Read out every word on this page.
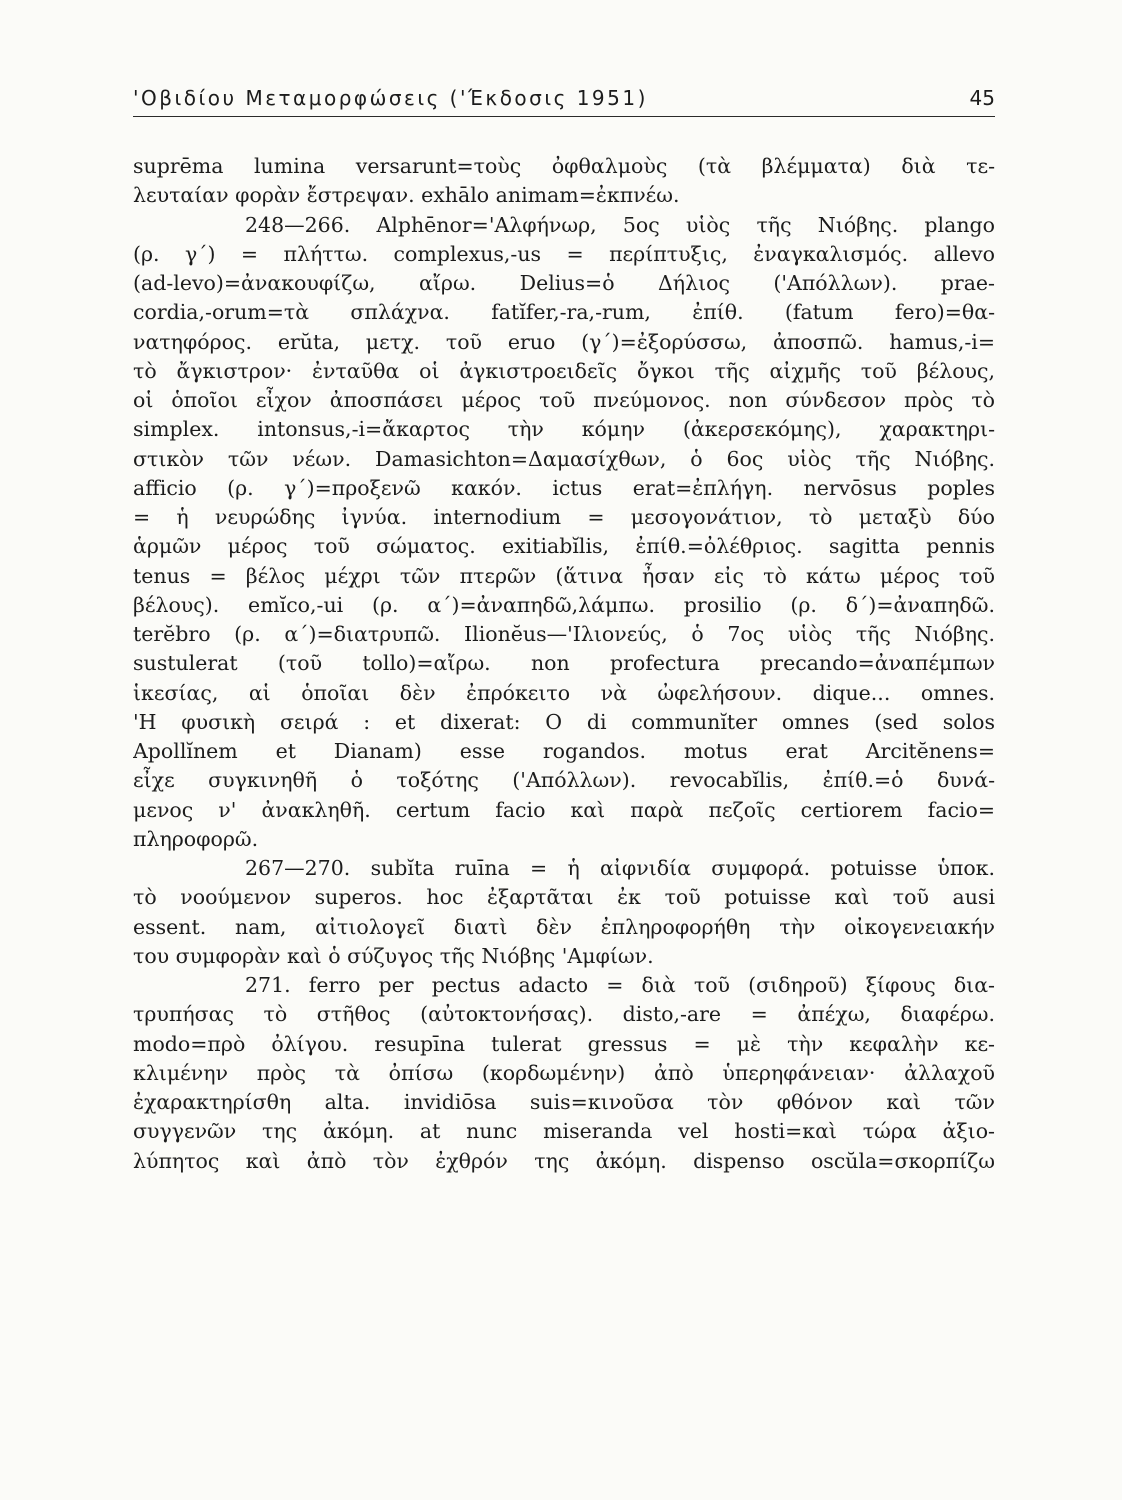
'Οβιδίου Μεταμορφώσεις ('Έκδοσις 1951)	45
suprēma lumina versarunt=τοὺς ὀφθαλμοὺς (τὰ βλέμματα) διὰ τε-
λευταίαν φορὰν ἔστρεψαν. exhālo animam=ἐκπνέω.
248—266. Alphēnor='Αλφήνωρ, 5ος υἱὸς τῆς Νιόβης. plango
(ρ. γ΄) = πλήττω. complexus,-us = περίπτυξις, ἐναγκαλισμός. allevo
(ad-levo)=ἀνακουφίζω, αἴρω. Delius=ὁ Δήλιος ('Απόλλων). prae-
cordia,-orum=τὰ σπλάχνα. fatĭfer,-ra,-rum, ἐπίθ. (fatum fero)=θα-
νατηφόρος. erŭta, μετχ. τοῦ eruo (γ΄)=ἐξορύσσω, ἀποσπῶ. hamus,-i=
τὸ ἄγκιστρον· ἐνταῦθα οἱ ἀγκιστροειδεῖς ὄγκοι τῆς αἰχμῆς τοῦ βέλους,
οἱ ὁποῖοι εἶχον ἀποσπάσει μέρος τοῦ πνεύμονος. non σύνδεσον πρὸς τὸ
simplex. intonsus,-i=ἄκαρτος τὴν κόμην (ἀκερσεκόμης), χαρακτηρι-
στικὸν τῶν νέων. Damasichton=Δαμασίχθων, ὁ 6ος υἱὸς τῆς Νιόβης.
afficio (ρ. γ΄)=προξενῶ κακόν. ictus erat=ἐπλήγη. nervōsus poples
= ἡ νευρώδης ἰγνύα. internodium = μεσογονάτιον, τὸ μεταξὺ δύο
ἁρμῶν μέρος τοῦ σώματος. exitiabĭlis, ἐπίθ.=ὀλέθριος. sagitta pennis
tenus = βέλος μέχρι τῶν πτερῶν (ἅτινα ἦσαν εἰς τὸ κάτω μέρος τοῦ
βέλους). emĭco,-ui (ρ. α΄)=ἀναπηδῶ,λάμπω. prosilio (ρ. δ΄)=ἀναπηδῶ.
terĕbro (ρ. α΄)=διατρυπῶ. Ilionĕus—'Ιλιονεύς, ὁ 7ος υἱὸς τῆς Νιόβης.
sustulerat (τοῦ tollo)=αἴρω. non profectura precando=ἀναπέμπων
ἱκεσίας, αἱ ὁποῖαι δὲν ἐπρόκειτο νὰ ὠφελήσουν. dique... omnes.
'Η φυσικὴ σειρά : et dixerat: O di communĭter omnes (sed solos
Apollĭnem et Dianam) esse rogandos. motus erat Arcitĕnens=
εἶχε συγκινηθῆ ὁ τοξότης ('Απόλλων). revocabĭlis, ἐπίθ.=ὁ δυνά-
μενος ν' ἀνακληθῆ. certum facio καὶ παρὰ πεζοῖς certiorem facio=
πληροφορῶ.
267—270. subĭta ruīna = ἡ αἰφνιδία συμφορά. potuisse ὑποκ.
τὸ νοούμενον superos. hoc ἐξαρτᾶται ἐκ τοῦ potuisse καὶ τοῦ ausi
essent. nam, αἰτιολογεῖ διατὶ δὲν ἐπληροφορήθη τὴν οἰκογενειακήν
του συμφορὰν καὶ ὁ σύζυγος τῆς Νιόβης 'Αμφίων.
271. ferro per pectus adacto = διὰ τοῦ (σιδηροῦ) ξίφους δια-
τρυπήσας τὸ στῆθος (αὐτοκτονήσας). disto,-are = ἀπέχω, διαφέρω.
modo=πρὸ ὀλίγου. resupīna tulerat gressus = μὲ τὴν κεφαλὴν κε-
κλιμένην πρὸς τὰ ὀπίσω (κορδωμένην) ἀπὸ ὑπερηφάνειαν· ἀλλαχοῦ
ἐχαρακτηρίσθη alta. invidiōsa suis=κινοῦσα τὸν φθόνον καὶ τῶν
συγγενῶν της ἀκόμη. at nunc miseranda vel hosti=καὶ τώρα ἀξιο-
λύπητος καὶ ἀπὸ τὸν ἐχθρόν της ἀκόμη. dispenso oscŭla=σκορπίζω
